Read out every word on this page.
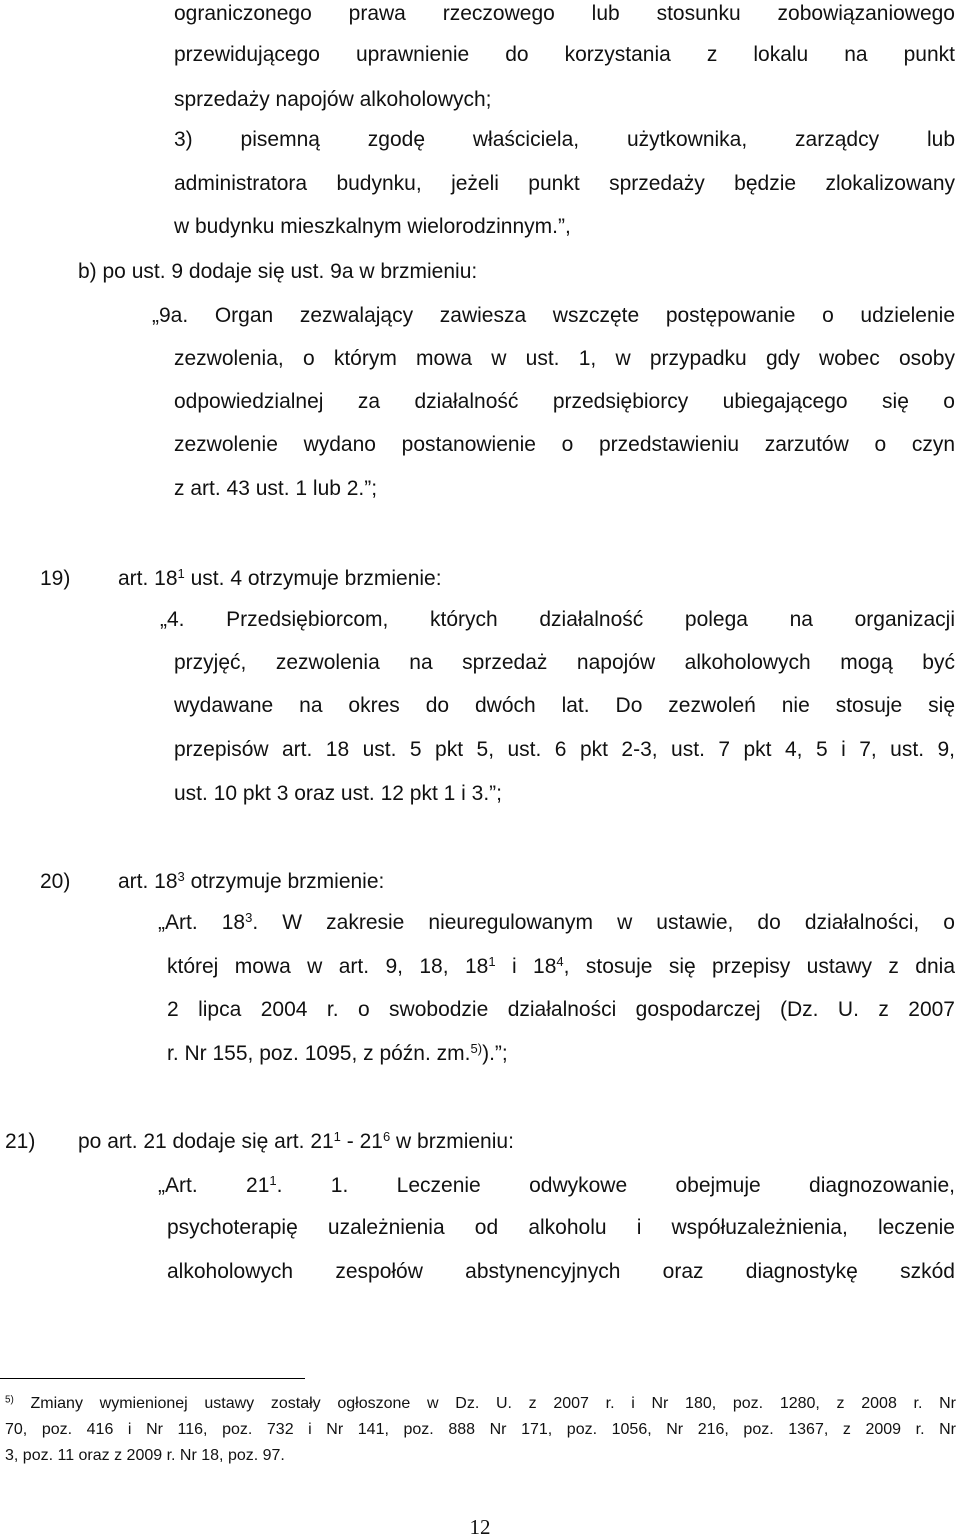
ograniczonego prawa rzeczowego lub stosunku zobowiązaniowego

przewidującego uprawnienie do korzystania z lokalu na punkt

sprzedaży napojów alkoholowych;

3) pisemną zgodę właściciela, użytkownika, zarządcy lub

administratora budynku, jeżeli punkt sprzedaży będzie zlokalizowany

w budynku mieszkalnym wielorodzinnym.”,

b) po ust. 9 dodaje się ust. 9a w brzmieniu:

„9a. Organ zezwalający zawiesza wszczęte postępowanie o udzielenie

zezwolenia, o którym mowa w ust. 1, w przypadku gdy wobec osoby

odpowiedzialnej za działalność przedsiębiorcy ubiegającego się o

zezwolenie wydano postanowienie o przedstawieniu zarzutów o czyn

z art. 43 ust. 1 lub 2.”;

19) art. $18^1$ ust. 4 otrzymuje brzmienie:

„4. Przedsiębiorcom, których działalność polega na organizacji

przyjęć, zezwolenia na sprzedaż napojów alkoholowych mogą być

wydawane na okres do dwóch lat. Do zezwoleń nie stosuje się

przepisów art. 18 ust. 5 pkt 5, ust. 6 pkt 2-3, ust. 7 pkt 4, 5 i 7, ust. 9,

ust. 10 pkt 3 oraz ust. 12 pkt 1 i 3.”;

20) art. $18^3$ otrzymuje brzmienie:

„Art. $18^3$. W zakresie nieuregulowanym w ustawie, do działalności, o

której mowa w art. 9, 18, $18^1$ i $18^4$, stosuje się przepisy ustawy z dnia

2 lipca 2004 r. o swobodzie działalności gospodarczej (Dz. U. z 2007

r. Nr 155, poz. 1095, z późn. zm.$^{5)}$).”;

21) po art. 21 dodaje się art. $21^1 - 21^6$ w brzmieniu:

„Art. $21^1$. 1. Leczenie odwykowe obejmuje diagnozowanie,

psychoterapię uzależnienia od alkoholu i współuzależnienia, leczenie

alkoholowych zespołów abstynencyjnych oraz diagnostykę szkód

$^{5)}$ Zmiany wymienionej ustawy zostały ogłoszone w Dz. U. z 2007 r. i Nr 180, poz. 1280, z 2008 r. Nr

70, poz. 416 i Nr 116, poz. 732 i Nr 141, poz. 888 Nr 171, poz. 1056, Nr 216, poz. 1367, z 2009 r. Nr

3, poz. 11 oraz z 2009 r. Nr 18, poz. 97.

12
